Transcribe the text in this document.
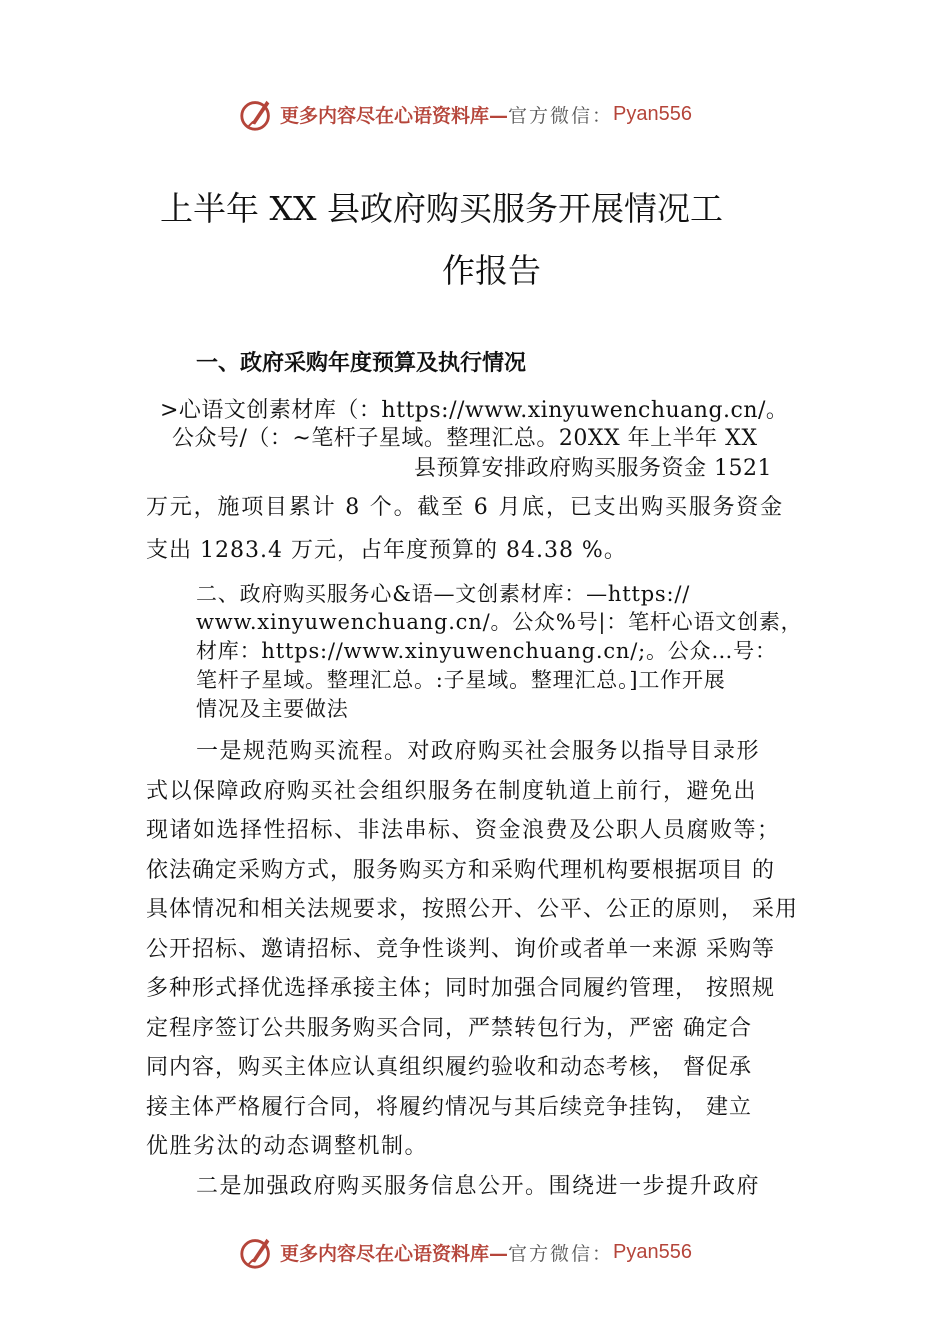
更多内容尽在心语资料库— 官方微信： Pyan556
上半年 XX 县政府购买服务开展情况工
作报告
一、政府采购年度预算及执行情况
>心语文创素材库（：https://www.xinyuwenchuang.cn/。
公众号/（：~笔杆子星域。整理汇总。20XX 年上半年 XX
县预算安排政府购买服务资金 1521
万元，施项目累计 8 个。截至 6 月底，已支出购买服务资金
支出 1283.4 万元，占年度预算的 84.38 %。
二、政府购买服务心&语—文创素材库：—https://
www.xinyuwenchuang.cn/。公众%号|：笔杆心语文创素，
材库：https://www.xinyuwenchuang.cn/;。公众…号：
笔杆子星域。整理汇总。:子星域。整理汇总。]工作开展
情况及主要做法
一是规范购买流程。对政府购买社会服务以指导目录形
式以保障政府购买社会组织服务在制度轨道上前行，避免出
现诸如选择性招标、非法串标、资金浪费及公职人员腐败等；
依法确定采购方式，服务购买方和采购代理机构要根据项目 的
具体情况和相关法规要求，按照公开、公平、公正的原则， 采用
公开招标、邀请招标、竞争性谈判、询价或者单一来源 采购等
多种形式择优选择承接主体；同时加强合同履约管理， 按照规
定程序签订公共服务购买合同，严禁转包行为，严密 确定合
同内容，购买主体应认真组织履约验收和动态考核， 督促承
接主体严格履行合同，将履约情况与其后续竞争挂钩， 建立
优胜劣汰的动态调整机制。
二是加强政府购买服务信息公开。围绕进一步提升政府
更多内容尽在心语资料库— 官方微信： Pyan556
